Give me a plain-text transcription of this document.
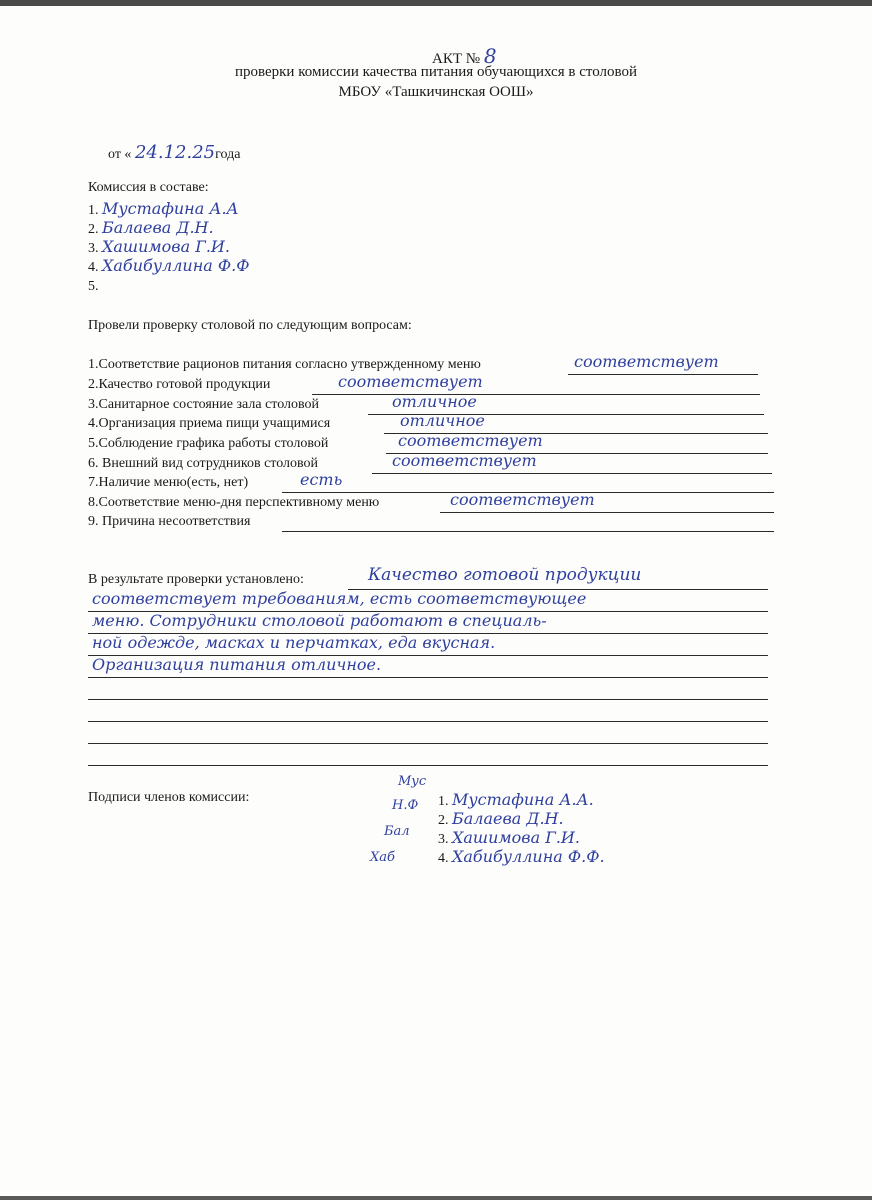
АКТ № 8
проверки комиссии качества питания обучающихся в столовой
МБОУ «Ташкичинская ООШ»
от « 24.12.25года
Комиссия в составе:
1. Мустафина А.А
2. Балаева Д.Н.
3. Хашимова Г.И.
4. Хабибуллина Ф.Ф
5.
Провели проверку столовой по следующим вопросам:
1.Соответствие рационов питания согласно утвержденному меню	соответствует
2.Качество готовой продукции	соответствует
3.Санитарное состояние зала столовой	отличное
4.Организация приема пищи учащимися	отличное
5.Соблюдение графика работы столовой	соответствует
6. Внешний вид сотрудников столовой	соответствует
7.Наличие меню(есть, нет)	есть
8.Соответствие меню-дня перспективному меню	соответствует
9. Причина несоответствия
В результате проверки установлено:	Качество готовой продукции
соответствует требованиям, есть соответствующее
меню. Сотрудники столовой работают в специаль-
ной одежде, масках и перчатках, еда вкусная.
Организация питания отличное.
Подписи членов комиссии:
Мус
Н.Ф
Бал
Хаб
1. Мустафина А.А.
2. Балаева Д.Н.
3. Хашимова Г.И.
4. Хабибуллина Ф.Ф.
